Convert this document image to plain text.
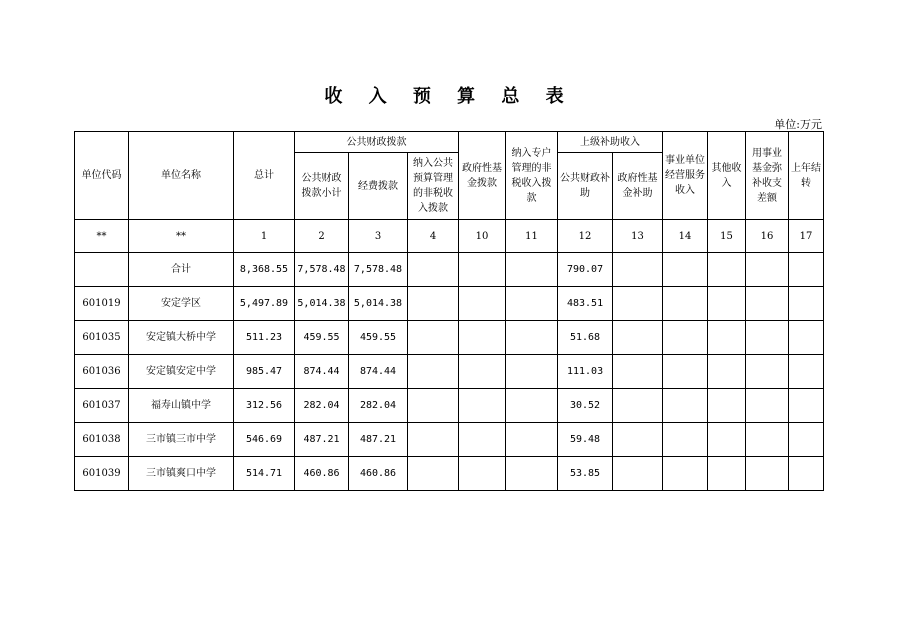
收 入 预 算 总 表
单位:万元
单位代码	单位名称	总计	公共财政拨款			政府性基金拨款	纳入专户管理的非税收入拨款	上级补助收入		事业单位经营服务收入	其他收入	用事业基金弥补收支差额	上年结转
			公共财政拨款小计	经费拨款	纳入公共预算管理的非税收入拨款			公共财政补助	政府性基金补助				
**	**	1	2	3	4	10	11	12	13	14	15	16	17
	合计	8,368.55	7,578.48	7,578.48				790.07					
601019	安定学区	5,497.89	5,014.38	5,014.38				483.51					
601035	安定镇大桥中学	511.23	459.55	459.55				51.68					
601036	安定镇安定中学	985.47	874.44	874.44				111.03					
601037	福寿山镇中学	312.56	282.04	282.04				30.52					
601038	三市镇三市中学	546.69	487.21	487.21				59.48					
601039	三市镇爽口中学	514.71	460.86	460.86				53.85					
